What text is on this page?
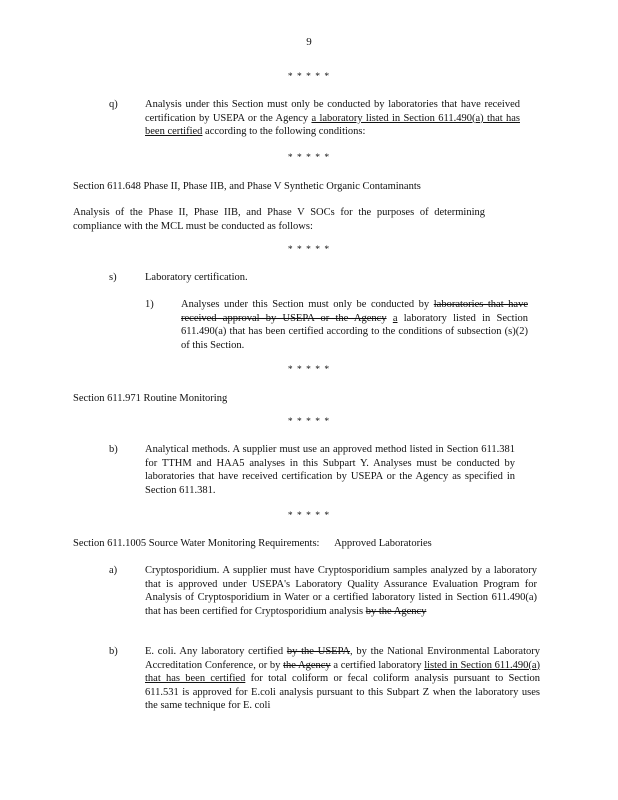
9
* * * * *
q)	Analysis under this Section must only be conducted by laboratories that have received certification by USEPA or the Agency a laboratory listed in Section 611.490(a) that has been certified according to the following conditions:
* * * * *
Section 611.648 Phase II, Phase IIB, and Phase V Synthetic Organic Contaminants
Analysis of the Phase II, Phase IIB, and Phase V SOCs for the purposes of determining compliance with the MCL must be conducted as follows:
* * * * *
s)	Laboratory certification.
1)	Analyses under this Section must only be conducted by laboratories that have received approval by USEPA or the Agency a laboratory listed in Section 611.490(a) that has been certified according to the conditions of subsection (s)(2) of this Section.
* * * * *
Section 611.971 Routine Monitoring
* * * * *
b)	Analytical methods. A supplier must use an approved method listed in Section 611.381 for TTHM and HAA5 analyses in this Subpart Y. Analyses must be conducted by laboratories that have received certification by USEPA or the Agency as specified in Section 611.381.
* * * * *
Section 611.1005 Source Water Monitoring Requirements: Approved Laboratories
a)	Cryptosporidium. A supplier must have Cryptosporidium samples analyzed by a laboratory that is approved under USEPA's Laboratory Quality Assurance Evaluation Program for Analysis of Cryptosporidium in Water or a certified laboratory listed in Section 611.490(a) that has been certified for Cryptosporidium analysis by the Agency
b)	E. coli. Any laboratory certified by the USEPA, by the National Environmental Laboratory Accreditation Conference, or by the Agency a certified laboratory listed in Section 611.490(a) that has been certified for total coliform or fecal coliform analysis pursuant to Section 611.531 is approved for E.coli analysis pursuant to this Subpart Z when the laboratory uses the same technique for E. coli
